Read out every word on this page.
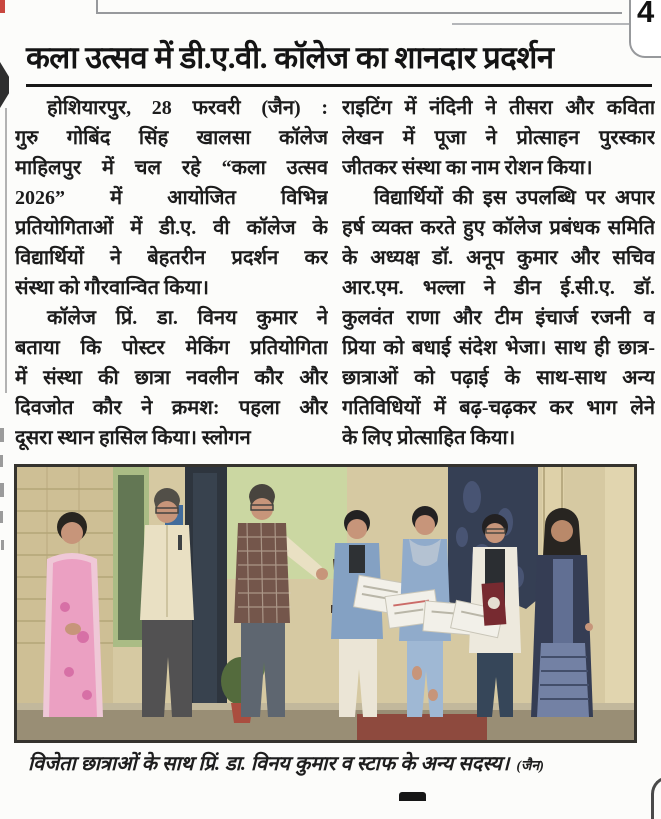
4
कला उत्सव में डी.ए.वी. कॉलेज का शानदार प्रदर्शन
होशियारपुर, 28 फरवरी (जैन) :
गुरु गोबिंद सिंह खालसा कॉलेज
माहिलपुर में चल रहे “कला उत्सव
2026” में आयोजित विभिन्न
प्रतियोगिताओं में डी.ए. वी कॉलेज के
विद्यार्थियों ने बेहतरीन प्रदर्शन कर
संस्था को गौरवान्वित किया।
कॉलेज प्रिं. डा. विनय कुमार ने
बताया कि पोस्टर मेकिंग प्रतियोगिता
में संस्था की छात्रा नवलीन कौर और
दिवजोत कौर ने क्रमश: पहला और
दूसरा स्थान हासिल किया। स्लोगन
राइटिंग में नंदिनी ने तीसरा और कविता
लेखन में पूजा ने प्रोत्साहन पुरस्कार
जीतकर संस्था का नाम रोशन किया।
विद्यार्थियों की इस उपलब्धि पर अपार
हर्ष व्यक्त करते हुए कॉलेज प्रबंधक समिति
के अध्यक्ष डॉ. अनूप कुमार और सचिव
आर.एम. भल्ला ने डीन ई.सी.ए. डॉ.
कुलवंत राणा और टीम इंचार्ज रजनी व
प्रिया को बधाई संदेश भेजा। साथ ही छात्र-
छात्राओं को पढ़ाई के साथ-साथ अन्य
गतिविधियों में बढ़-चढ़कर कर भाग लेने
के लिए प्रोत्साहित किया।
विजेता छात्राओं के साथ प्रिं. डा. विनय कुमार व स्टाफ के अन्य सदस्य। (जैन)
